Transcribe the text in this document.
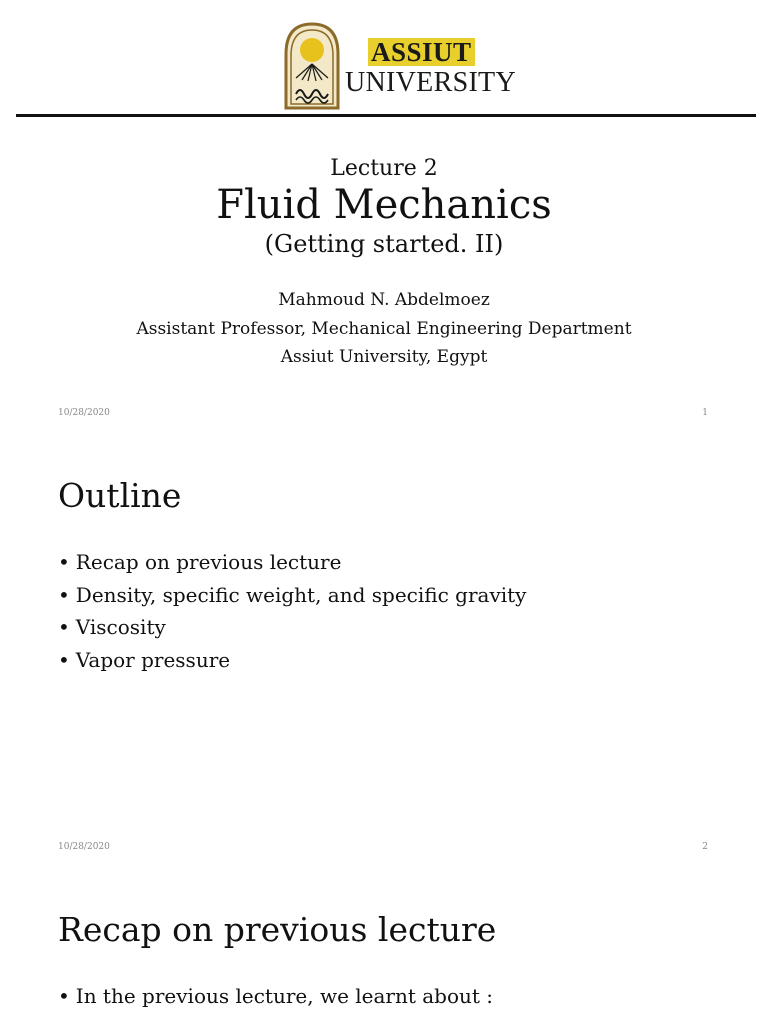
ASSIUT
UNIVERSITY
Lecture 2
Fluid Mechanics
(Getting started. II)
Mahmoud N. Abdelmoez
Assistant Professor, Mechanical Engineering Department
Assiut University, Egypt
10/28/2020	1
Outline
• Recap on previous lecture
• Density, specific weight, and specific gravity
• Viscosity
• Vapor pressure
10/28/2020	2
Recap on previous lecture
• In the previous lecture, we learnt about :
